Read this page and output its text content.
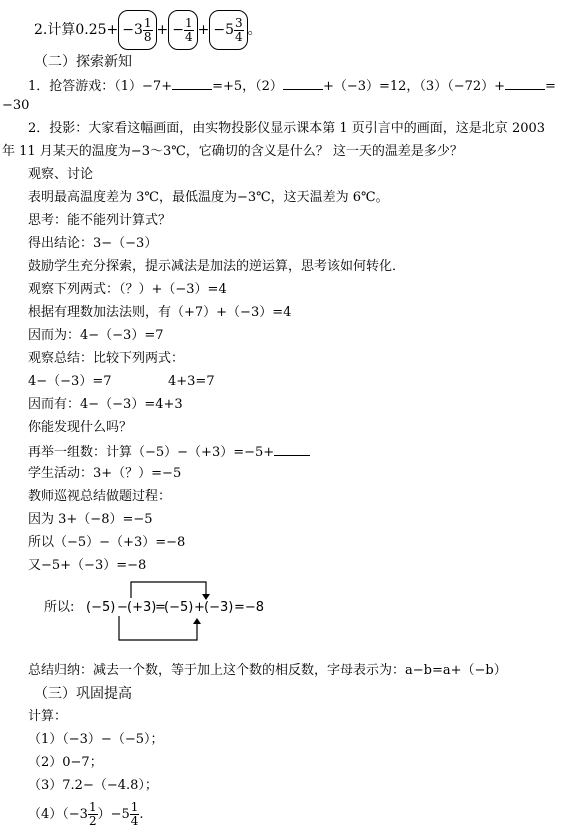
2.计算$0.25+ -3 \frac{1}{8}$ + − $\frac{1}{4} + -5 \frac{3}{4}$ 。
（二）探索新知
1．抢答游戏：（1）−7+	=+5，（2）	+（−3）=12，（3）（−72）+	=
−30
2．投影：大家看这幅画面，由实物投影仪显示课本第 1 页引言中的画面，这是北京 2003
年 11 月某天的温度为−3～3℃，它确切的含义是什么？ 这一天的温差是多少？
观察、讨论
表明最高温度差为 3℃，最低温度为−3℃，这天温差为 6℃。
思考：能不能列计算式？
得出结论：3−（−3）
鼓励学生充分探索，提示减法是加法的逆运算，思考该如何转化．
观察下列两式：（？）+（−3）=4
根据有理数加法法则，有（+7）+（−3）=4
因而为：4−（−3）=7
观察总结：比较下列两式：
4−（−3）=7	4+3=7
因而有：4−（−3）=4+3
你能发现什么吗？
再举一组数：计算（−5）−（+3）=−5+
学生活动：3+（？）=−5
教师巡视总结做题过程：
因为 3+（−8）=−5
所以（−5）−（+3）=−8
又−5+（−3）=−8
所以: (−5) − (+3)
=
(−5) + (−3) =−8
总结归纳：减去一个数，等于加上这个数的相反数，字母表示为：a−b=a+（−b）
（三）巩固提高
计算：
（1）（−3）−（−5）；
（2）0−7；
（3）7.2−（−4.8）；
$(4)(-3 \frac{1}{2} )-5 \frac{1}{4}$ .
